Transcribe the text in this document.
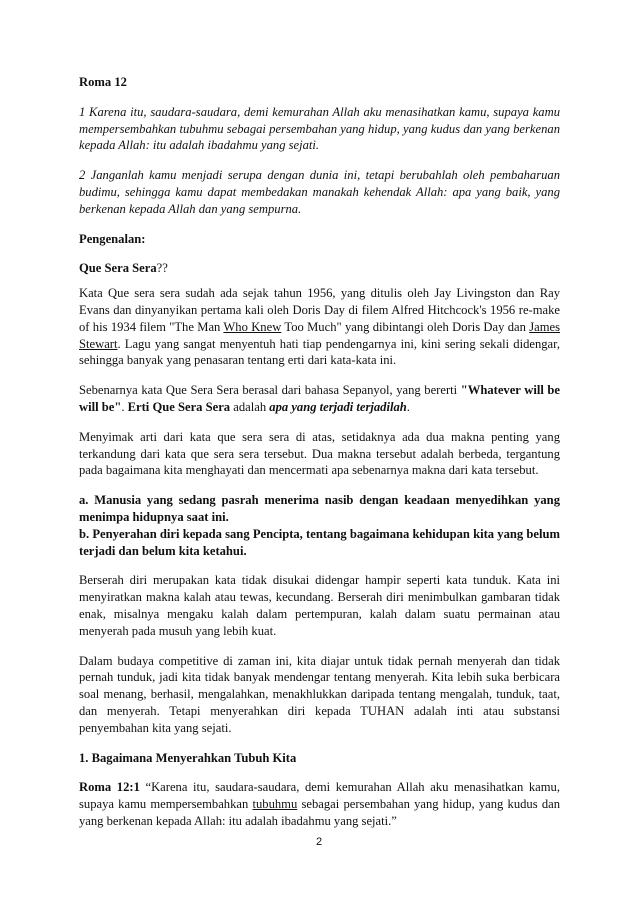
Roma 12

1 Karena itu, saudara-saudara, demi kemurahan Allah aku menasihatkan kamu, supaya kamu mempersembahkan tubuhmu sebagai persembahan yang hidup, yang kudus dan yang berkenan kepada Allah: itu adalah ibadahmu yang sejati.

2 Janganlah kamu menjadi serupa dengan dunia ini, tetapi berubahlah oleh pembaharuan budimu, sehingga kamu dapat membedakan manakah kehendak Allah: apa yang baik, yang berkenan kepada Allah dan yang sempurna.

Pengenalan:

Que Sera Sera??

Kata Que sera sera sudah ada sejak tahun 1956, yang ditulis oleh Jay Livingston dan Ray Evans dan dinyanyikan pertama kali oleh Doris Day di filem Alfred Hitchcock's 1956 re-make of his 1934 filem "The Man Who Knew Too Much" yang dibintangi oleh Doris Day dan James Stewart. Lagu yang sangat menyentuh hati tiap pendengarnya ini, kini sering sekali didengar, sehingga banyak yang penasaran tentang erti dari kata-kata ini.

Sebenarnya kata Que Sera Sera berasal dari bahasa Sepanyol, yang bererti "Whatever will be will be". Erti Que Sera Sera adalah apa yang terjadi terjadilah.

Menyimak arti dari kata que sera sera di atas, setidaknya ada dua makna penting yang terkandung dari kata que sera sera tersebut. Dua makna tersebut adalah berbeda, tergantung pada bagaimana kita menghayati dan mencermati apa sebenarnya makna dari kata tersebut.

a. Manusia yang sedang pasrah menerima nasib dengan keadaan menyedihkan yang menimpa hidupnya saat ini.

b. Penyerahan diri kepada sang Pencipta, tentang bagaimana kehidupan kita yang belum terjadi dan belum kita ketahui.

Berserah diri merupakan kata tidak disukai didengar hampir seperti kata tunduk. Kata ini menyiratkan makna kalah atau tewas, kecundang. Berserah diri menimbulkan gambaran tidak enak, misalnya mengaku kalah dalam pertempuran, kalah dalam suatu permainan atau menyerah pada musuh yang lebih kuat.

Dalam budaya competitive di zaman ini, kita diajar untuk tidak pernah menyerah dan tidak pernah tunduk, jadi kita tidak banyak mendengar tentang menyerah. Kita lebih suka berbicara soal menang, berhasil, mengalahkan, menakhlukkan daripada tentang mengalah, tunduk, taat, dan menyerah. Tetapi menyerahkan diri kepada TUHAN adalah inti atau substansi penyembahan kita yang sejati.

1. Bagaimana Menyerahkan Tubuh Kita

Roma 12:1 “Karena itu, saudara-saudara, demi kemurahan Allah aku menasihatkan kamu, supaya kamu mempersembahkan tubuhmu sebagai persembahan yang hidup, yang kudus dan yang berkenan kepada Allah: itu adalah ibadahmu yang sejati.”

2
